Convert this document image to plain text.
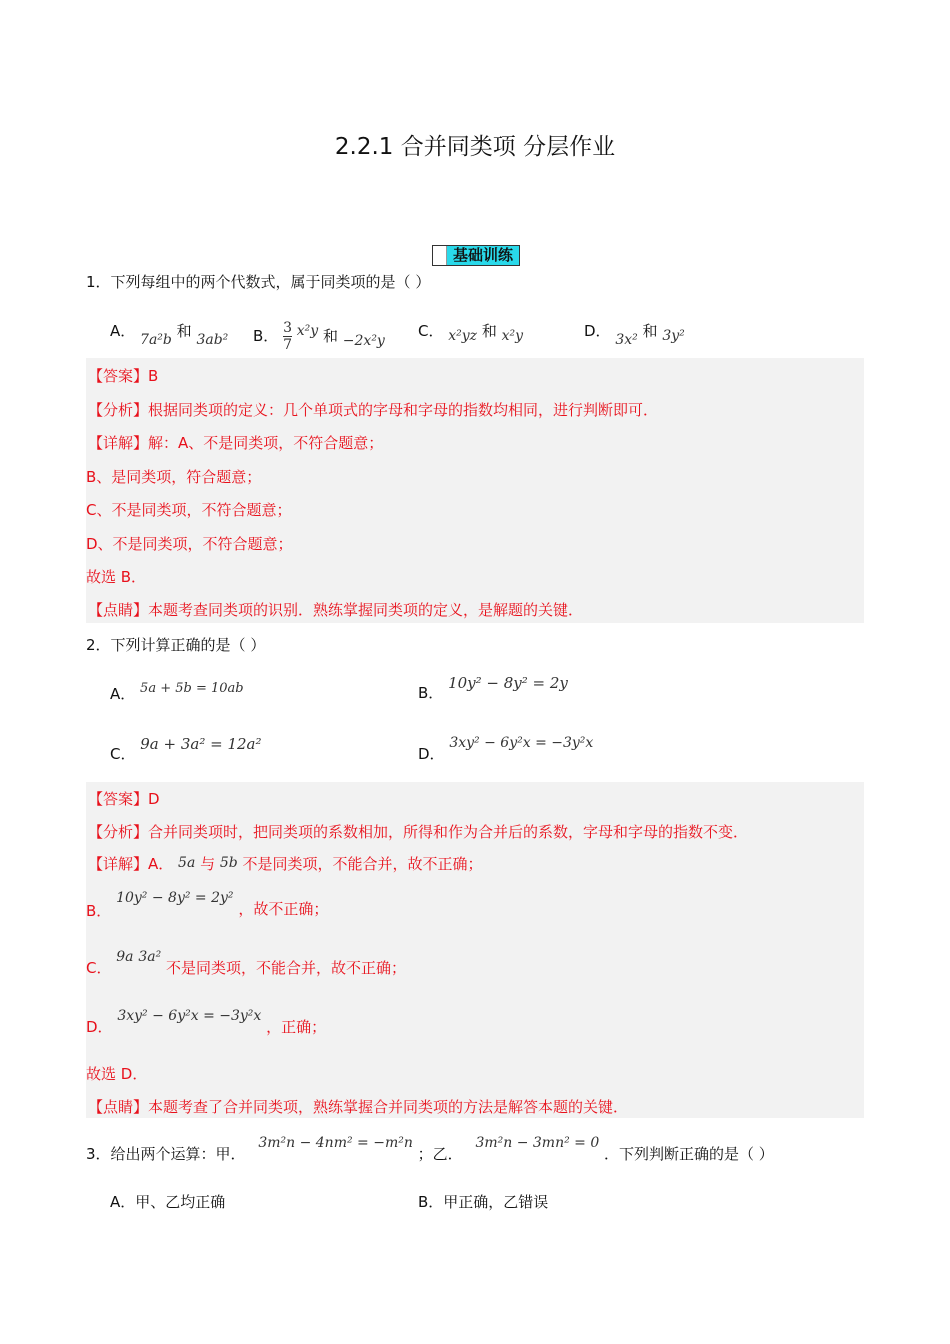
2.2.1 合并同类项 分层作业
基础训练
1．下列每组中的两个代数式，属于同类项的是（ ）
A． 7a²b 和 3ab² B． $\frac{3}{7} x^2y$ 和 −2x²y
C． x²yz 和 x²y	D． 3x² 和 3y²
【答案】B
【分析】根据同类项的定义：几个单项式的字母和字母的指数均相同，进行判断即可．
【详解】解：A、不是同类项，不符合题意；
B、是同类项，符合题意；
C、不是同类项，不符合题意；
D、不是同类项，不符合题意；
故选 B．
【点睛】本题考查同类项的识别．熟练掌握同类项的定义，是解题的关键．
2．下列计算正确的是（ ）
A． 5a + 5b = 10ab	B． 10y² − 8y² = 2y
C． 9a + 3a² = 12a²
D． 3xy² − 6y²x = −3y²x
【答案】D
【分析】合并同类项时，把同类项的系数相加，所得和作为合并后的系数，字母和字母的指数不变．
【详解】A． 5a 与 5b 不是同类项，不能合并，故不正确；
B． 10y² − 8y² = 2y² ，故不正确；
C． 9a 3a² 不是同类项，不能合并，故不正确；
D． 3xy² − 6y²x = −3y²x ，正确；
故选 D．
【点睛】本题考查了合并同类项，熟练掌握合并同类项的方法是解答本题的关键．
3．给出两个运算：甲． 3m²n − 4nm² = −m²n ；乙． 3m²n − 3mn² = 0 ．下列判断正确的是（ ）
A．甲、乙均正确	B．甲正确，乙错误
